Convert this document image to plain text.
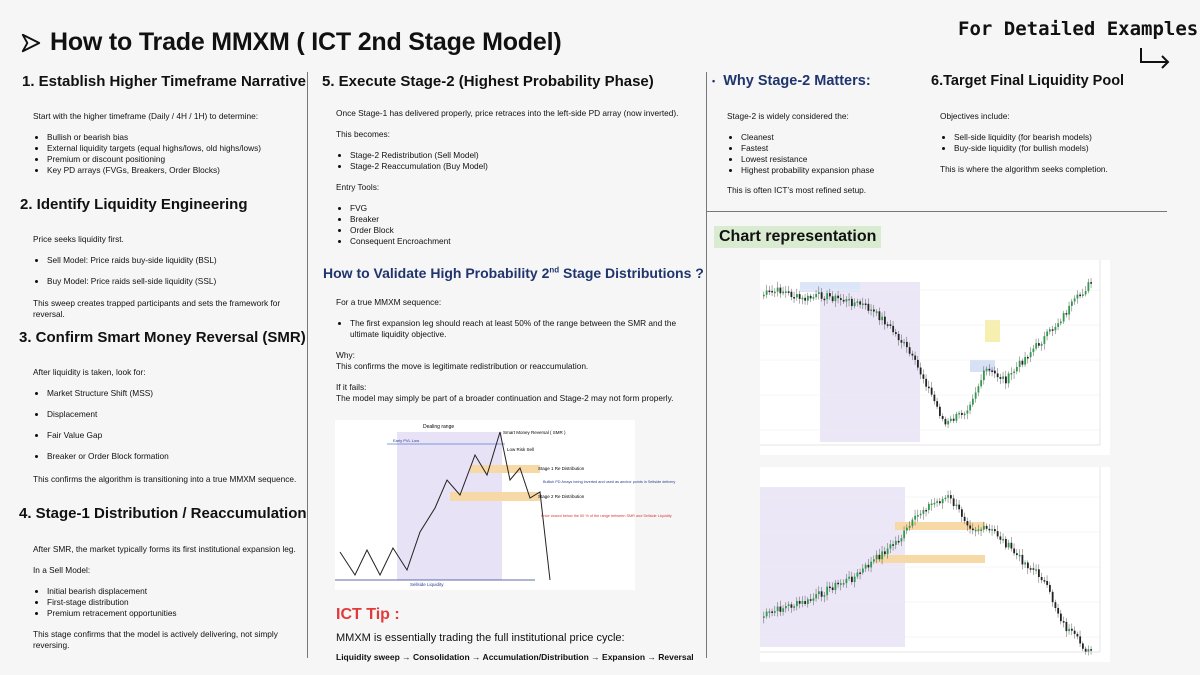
How to Trade MMXM ( ICT 2nd Stage Model)	For Detailed Examples
1. Establish Higher Timeframe Narrative
Start with the higher timeframe (Daily / 4H / 1H) to determine:
• Bullish or bearish bias
• External liquidity targets (equal highs/lows, old highs/lows)
• Premium or discount positioning
• Key PD arrays (FVGs, Breakers, Order Blocks)
2. Identify Liquidity Engineering
Price seeks liquidity first.
• Sell Model: Price raids buy-side liquidity (BSL)
• Buy Model: Price raids sell-side liquidity (SSL)
This sweep creates trapped participants and sets the framework for reversal.
3. Confirm Smart Money Reversal (SMR)
After liquidity is taken, look for:
• Market Structure Shift (MSS)
• Displacement
• Fair Value Gap
• Breaker or Order Block formation
This confirms the algorithm is transitioning into a true MMXM sequence.
4. Stage-1 Distribution / Reaccumulation
After SMR, the market typically forms its first institutional expansion leg.
In a Sell Model:
• Initial bearish displacement
• First-stage distribution
• Premium retracement opportunities
This stage confirms that the model is actively delivering, not simply reversing.
5. Execute Stage-2 (Highest Probability Phase)
Once Stage-1 has delivered properly, price retraces into the left-side PD array (now inverted).
This becomes:
• Stage-2 Redistribution (Sell Model)
• Stage-2 Reaccumulation (Buy Model)
Entry Tools:
• FVG
• Breaker
• Order Block
• Consequent Encroachment
How to Validate High Probability 2nd Stage Distributions ?
For a true MMXM sequence:
• The first expansion leg should reach at least 50% of the range between the SMR and the ultimate liquidity objective.
Why:
This confirms the move is legitimate redistribution or reaccumulation.
If it fails:
The model may simply be part of a broader continuation and Stage-2 may not form properly.
Dealing range
Smart Money Reversal ( SMR )
Low Risk Sell
Early PVL Low
Stage 1 Re Distribution
Stage 2 Re Distribution
Bullish PD Arrays being inverted and used as anchor points in Sellside delivery
Price closed below the 50 % of the range between SMR and Sellside Liquidity
Sellside Liquidity
ICT Tip :
MMXM is essentially trading the full institutional price cycle:
Liquidity sweep → Consolidation → Accumulation/Distribution → Expansion → Reversal
• Why Stage-2 Matters:
Stage-2 is widely considered the:
• Cleanest
• Fastest
• Lowest resistance
• Highest probability expansion phase
This is often ICT’s most refined setup.
6.Target Final Liquidity Pool
Objectives include:
• Sell-side liquidity (for bearish models)
• Buy-side liquidity (for bullish models)
This is where the algorithm seeks completion.
Chart representation
